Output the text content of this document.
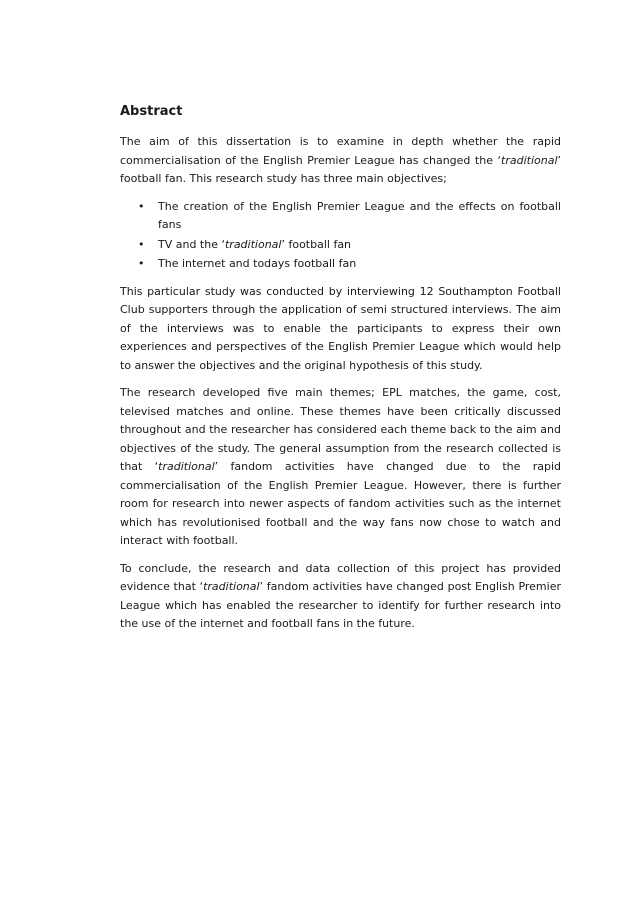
Abstract

The aim of this dissertation is to examine in depth whether the rapid commercialisation of the English Premier League has changed the ‘traditional’ football fan. This research study has three main objectives;

• The creation of the English Premier League and the effects on football fans
• TV and the ‘traditional’ football fan
• The internet and todays football fan

This particular study was conducted by interviewing 12 Southampton Football Club supporters through the application of semi structured interviews. The aim of the interviews was to enable the participants to express their own experiences and perspectives of the English Premier League which would help to answer the objectives and the original hypothesis of this study.

The research developed five main themes; EPL matches, the game, cost, televised matches and online. These themes have been critically discussed throughout and the researcher has considered each theme back to the aim and objectives of the study. The general assumption from the research collected is that ‘traditional’ fandom activities have changed due to the rapid commercialisation of the English Premier League. However, there is further room for research into newer aspects of fandom activities such as the internet which has revolutionised football and the way fans now chose to watch and interact with football.

To conclude, the research and data collection of this project has provided evidence that ‘traditional’ fandom activities have changed post English Premier League which has enabled the researcher to identify for further research into the use of the internet and football fans in the future.
